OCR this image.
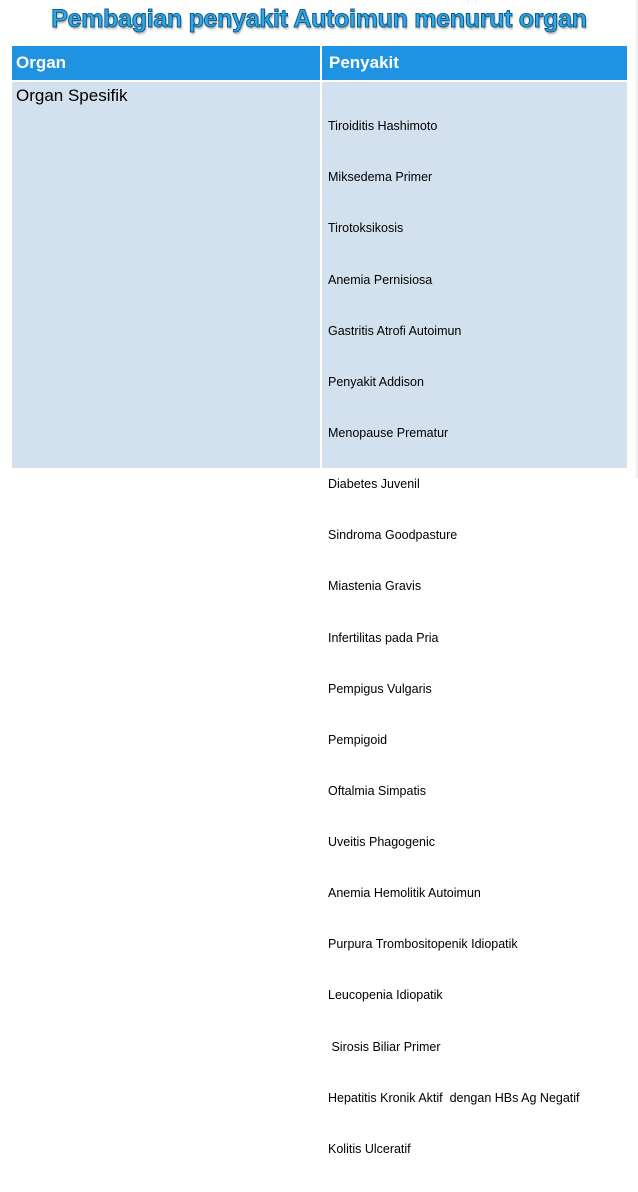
Pembagian penyakit Autoimun menurut organ
Organ	Penyakit
Organ Spesifik

Tiroiditis Hashimoto

Miksedema Primer

Tirotoksikosis

Anemia Pernisiosa

Gastritis Atrofi Autoimun

Penyakit Addison

Menopause Prematur

Diabetes Juvenil

Sindroma Goodpasture

Miastenia Gravis

Infertilitas pada Pria

Pempigus Vulgaris

Pempigoid

Oftalmia Simpatis

Uveitis Phagogenic

Anemia Hemolitik Autoimun

Purpura Trombositopenik Idiopatik

Leucopenia Idiopatik

Sirosis Biliar Primer

Hepatitis Kronik Aktif  dengan HBs Ag Negatif

Kolitis Ulceratif
